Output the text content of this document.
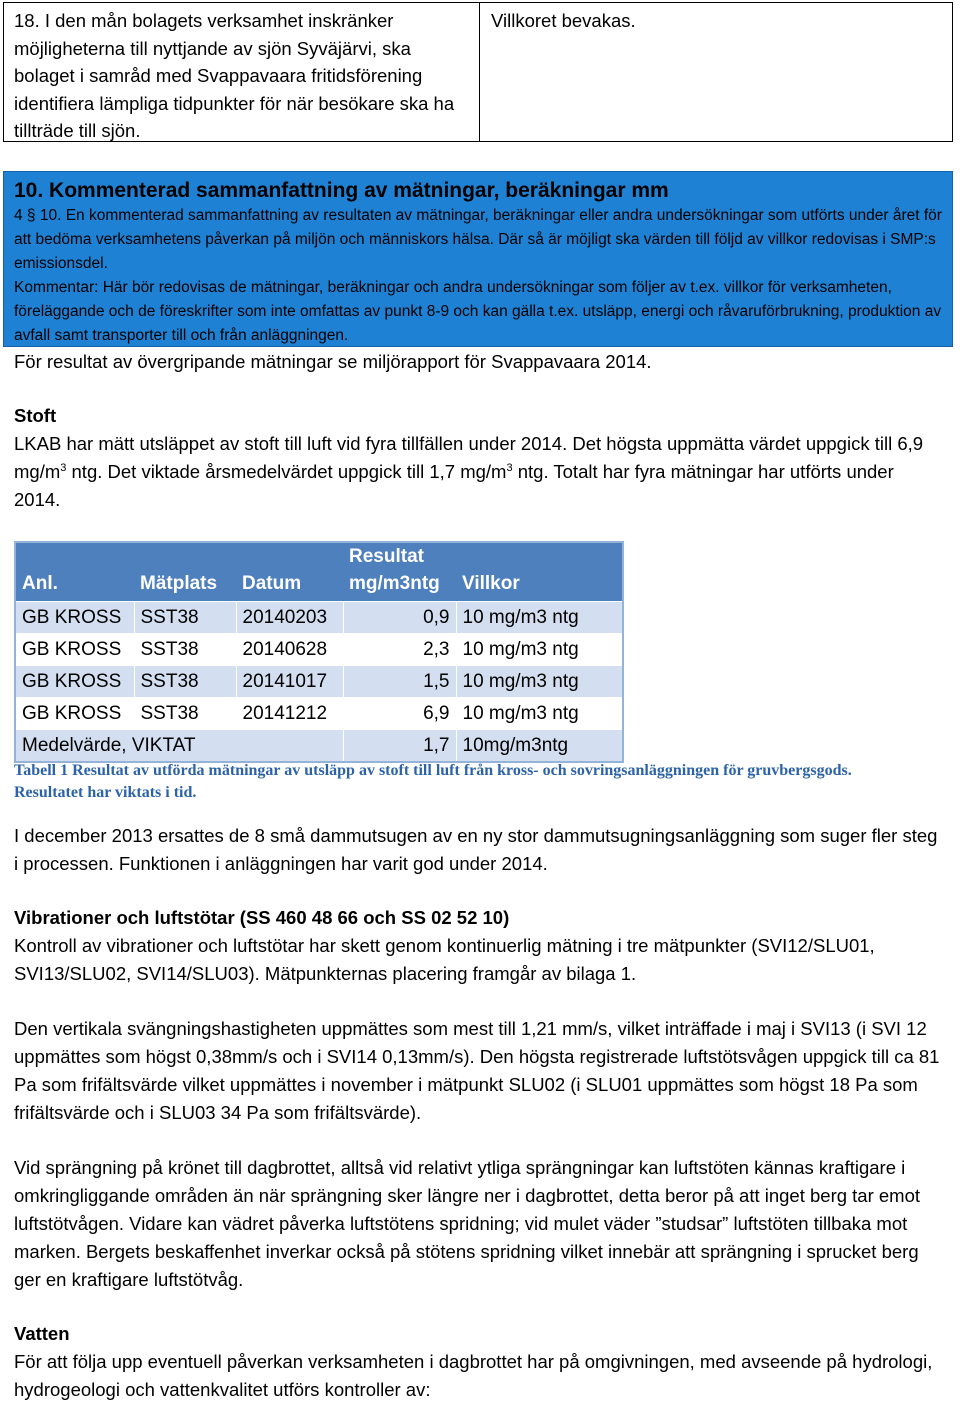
18. I den mån bolagets verksamhet inskränker möjligheterna till nyttjande av sjön Syväjärvi, ska bolaget i samråd med Svappavaara fritidsförening identifiera lämpliga tidpunkter för när besökare ska ha tillträde till sjön.
Villkoret bevakas.
10. Kommenterad sammanfattning av mätningar, beräkningar mm
4 § 10. En kommenterad sammanfattning av resultaten av mätningar, beräkningar eller andra undersökningar som utförts under året för att bedöma verksamhetens påverkan på miljön och människors hälsa. Där så är möjligt ska värden till följd av villkor redovisas i SMP:s emissionsdel.
Kommentar: Här bör redovisas de mätningar, beräkningar och andra undersökningar som följer av t.ex. villkor för verksamheten, föreläggande och de föreskrifter som inte omfattas av punkt 8-9 och kan gälla t.ex. utsläpp, energi och råvaruförbrukning, produktion av avfall samt transporter till och från anläggningen.
För resultat av övergripande mätningar se miljörapport för Svappavaara 2014.
Stoft
LKAB har mätt utsläppet av stoft till luft vid fyra tillfällen under 2014. Det högsta uppmätta värdet uppgick till 6,9 $mg/m^3$ ntg. Det viktade årsmedelvärdet uppgick till 1,7 $mg/m^3$ ntg. Totalt har fyra mätningar har utförts under 2014.
Anl.	Mätplats	Datum	Resultat mg/m3ntg	Villkor
GB KROSS	SST38	20140203	0,9	10 mg/m3 ntg
GB KROSS	SST38	20140628	2,3	10 mg/m3 ntg
GB KROSS	SST38	20141017	1,5	10 mg/m3 ntg
GB KROSS	SST38	20141212	6,9	10 mg/m3 ntg
Medelvärde, VIKTAT			1,7	10mg/m3ntg
Tabell 1 Resultat av utförda mätningar av utsläpp av stoft till luft från kross- och sovringsanläggningen för gruvbergsgods. Resultatet har viktats i tid.
I december 2013 ersattes de 8 små dammutsugen av en ny stor dammutsugningsanläggning som suger fler steg i processen. Funktionen i anläggningen har varit god under 2014.
Vibrationer och luftstötar (SS 460 48 66 och SS 02 52 10)
Kontroll av vibrationer och luftstötar har skett genom kontinuerlig mätning i tre mätpunkter (SVI12/SLU01, SVI13/SLU02, SVI14/SLU03). Mätpunkternas placering framgår av bilaga 1.
Den vertikala svängningshastigheten uppmättes som mest till 1,21 mm/s, vilket inträffade i maj i SVI13 (i SVI 12 uppmättes som högst 0,38mm/s och i SVI14 0,13mm/s). Den högsta registrerade luftstötsvågen uppgick till ca 81 Pa som frifältsvärde vilket uppmättes i november i mätpunkt SLU02 (i SLU01 uppmättes som högst 18 Pa som frifältsvärde och i SLU03 34 Pa som frifältsvärde).
Vid sprängning på krönet till dagbrottet, alltså vid relativt ytliga sprängningar kan luftstöten kännas kraftigare i omkringliggande områden än när sprängning sker längre ner i dagbrottet, detta beror på att inget berg tar emot luftstötvågen. Vidare kan vädret påverka luftstötens spridning; vid mulet väder ”studsar” luftstöten tillbaka mot marken. Bergets beskaffenhet inverkar också på stötens spridning vilket innebär att sprängning i sprucket berg ger en kraftigare luftstötvåg.
Vatten
För att följa upp eventuell påverkan verksamheten i dagbrottet har på omgivningen, med avseende på hydrologi, hydrogeologi och vattenkvalitet utförs kontroller av:
